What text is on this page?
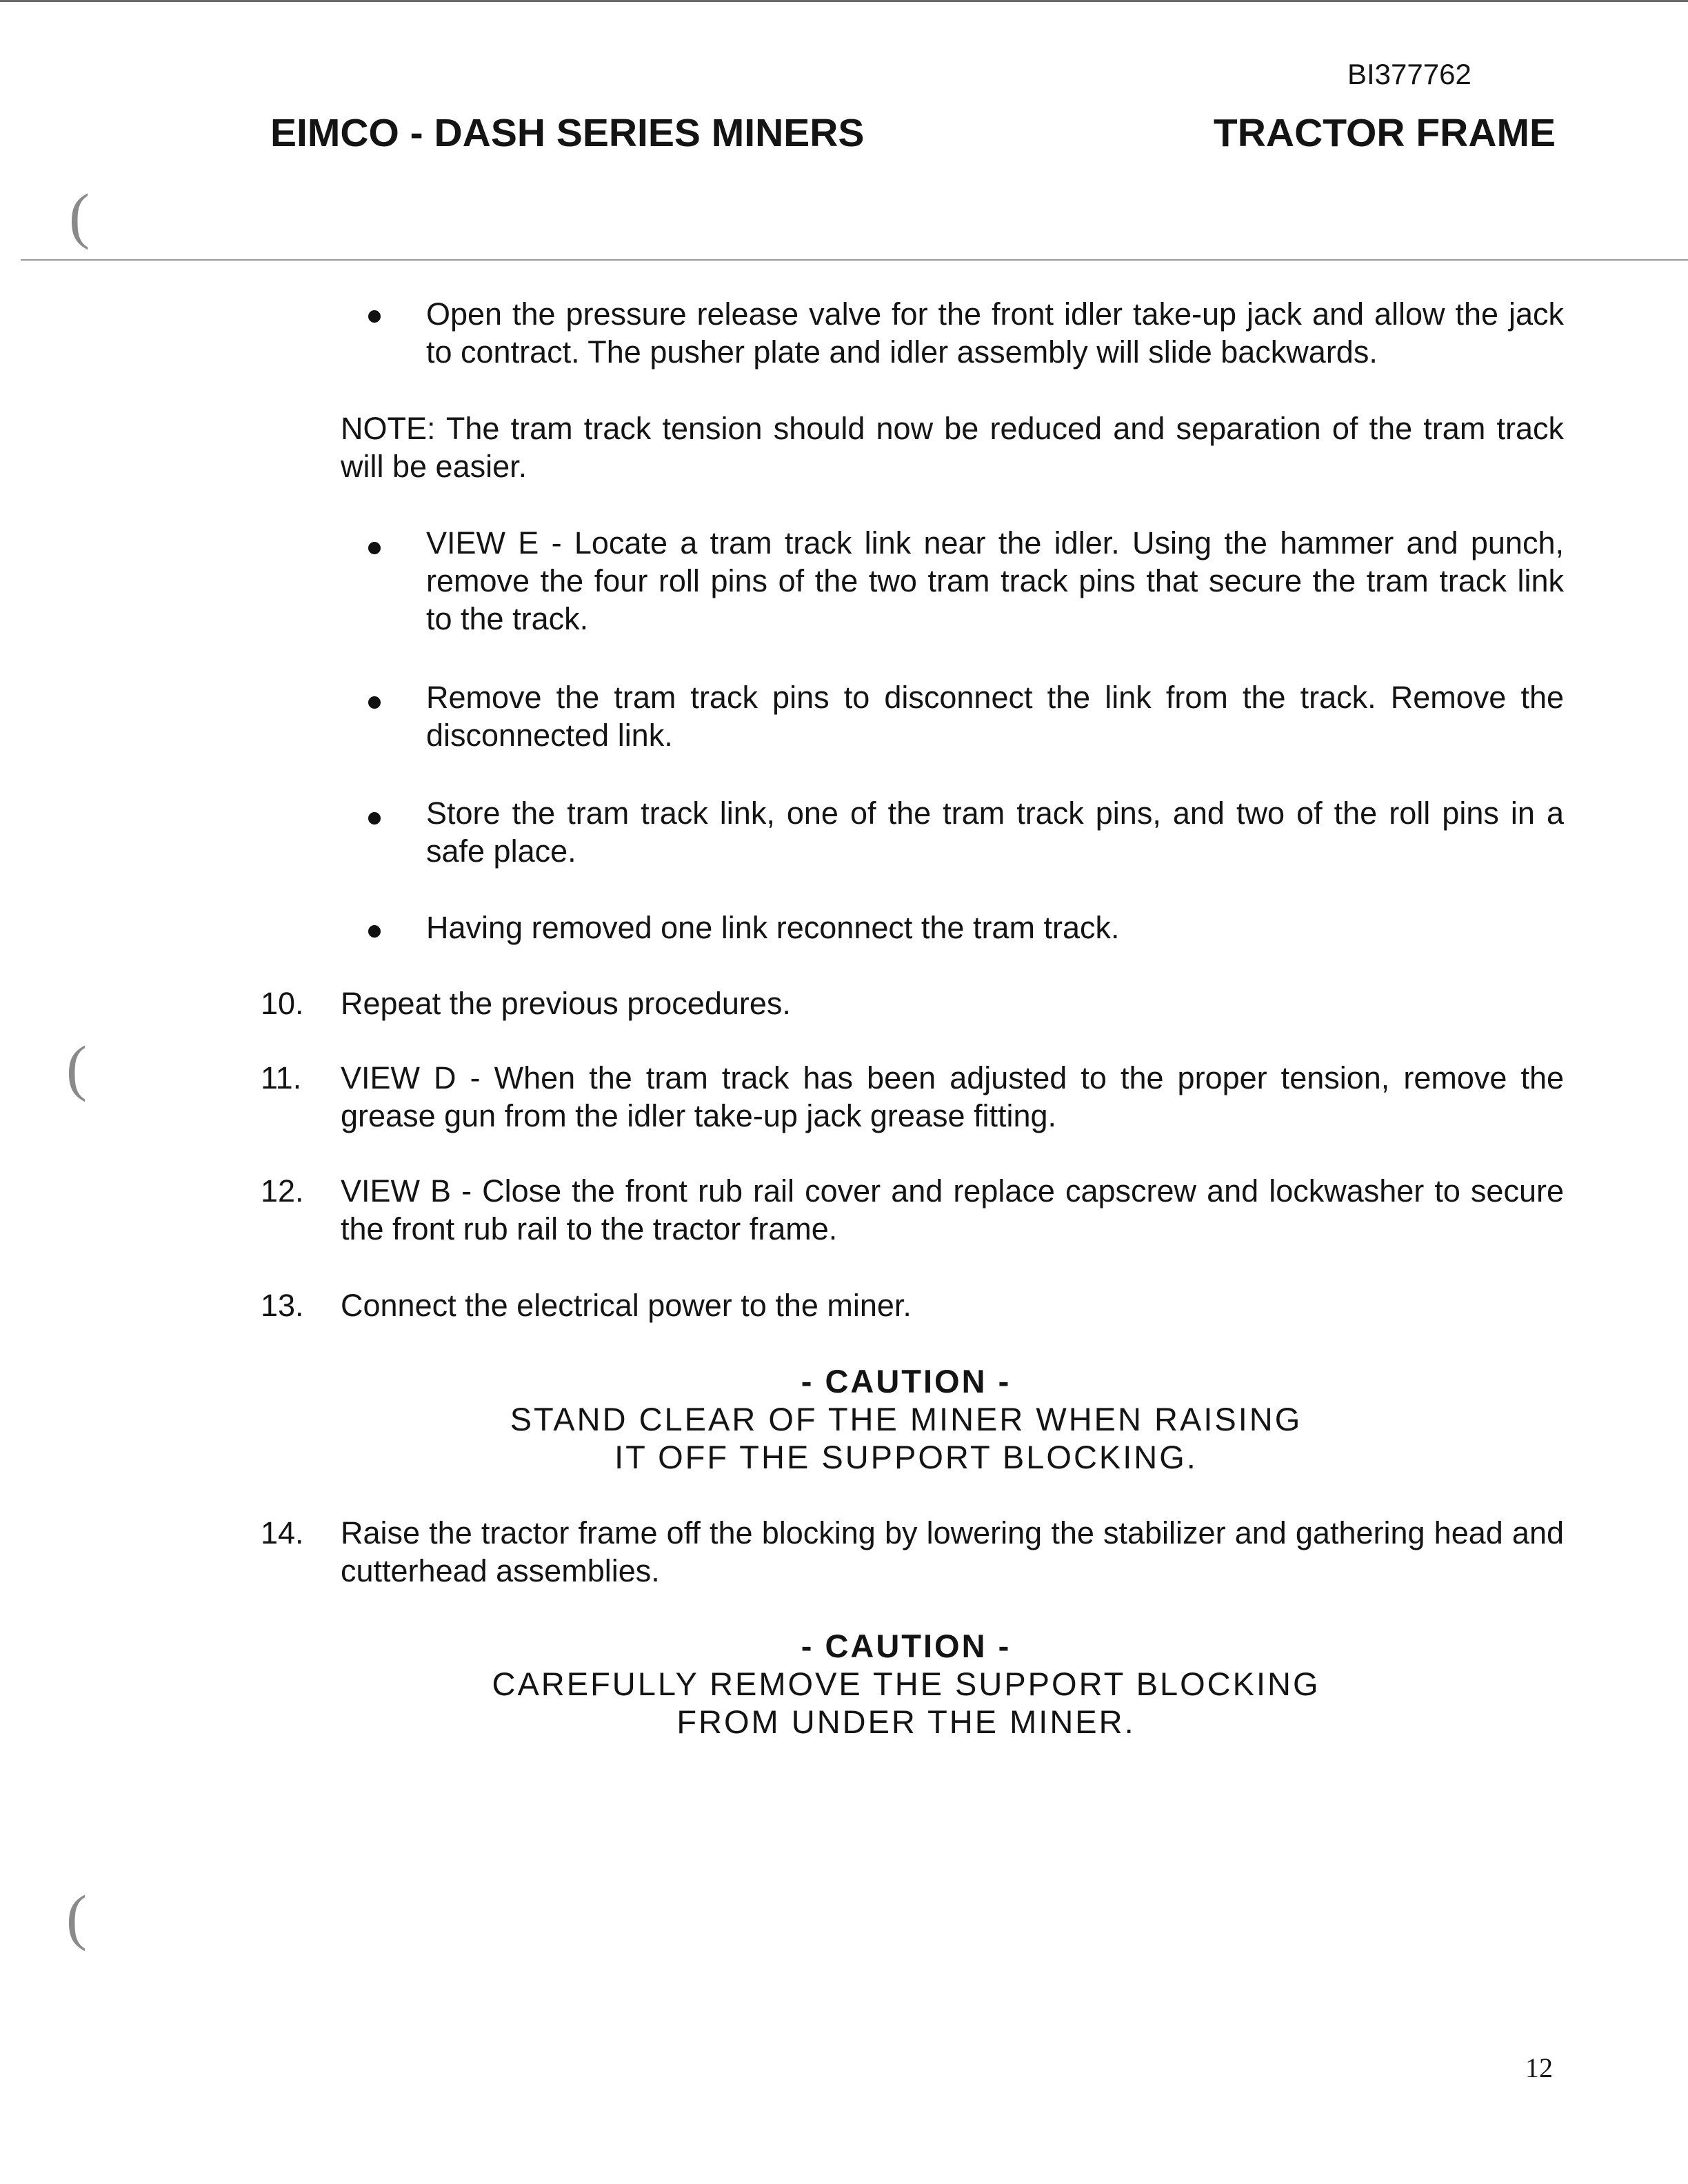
(
(
(
BI377762
EIMCO - DASH SERIES MINERS	TRACTOR FRAME
Open the pressure release valve for the front idler take-up jack and allow the jack to contract. The pusher plate and idler assembly will slide backwards.
NOTE: The tram track tension should now be reduced and separation of the tram track will be easier.
VIEW E - Locate a tram track link near the idler. Using the hammer and punch, remove the four roll pins of the two tram track pins that secure the tram track link to the track.
Remove the tram track pins to disconnect the link from the track. Remove the disconnected link.
Store the tram track link, one of the tram track pins, and two of the roll pins in a safe place.
Having removed one link reconnect the tram track.
10. Repeat the previous procedures.
11. VIEW D - When the tram track has been adjusted to the proper tension, remove the grease gun from the idler take-up jack grease fitting.
12. VIEW B - Close the front rub rail cover and replace capscrew and lockwasher to secure the front rub rail to the tractor frame.
13. Connect the electrical power to the miner.
- CAUTION -
STAND CLEAR OF THE MINER WHEN RAISING
IT OFF THE SUPPORT BLOCKING.
14. Raise the tractor frame off the blocking by lowering the stabilizer and gathering head and cutterhead assemblies.
- CAUTION -
CAREFULLY REMOVE THE SUPPORT BLOCKING
FROM UNDER THE MINER.
12
